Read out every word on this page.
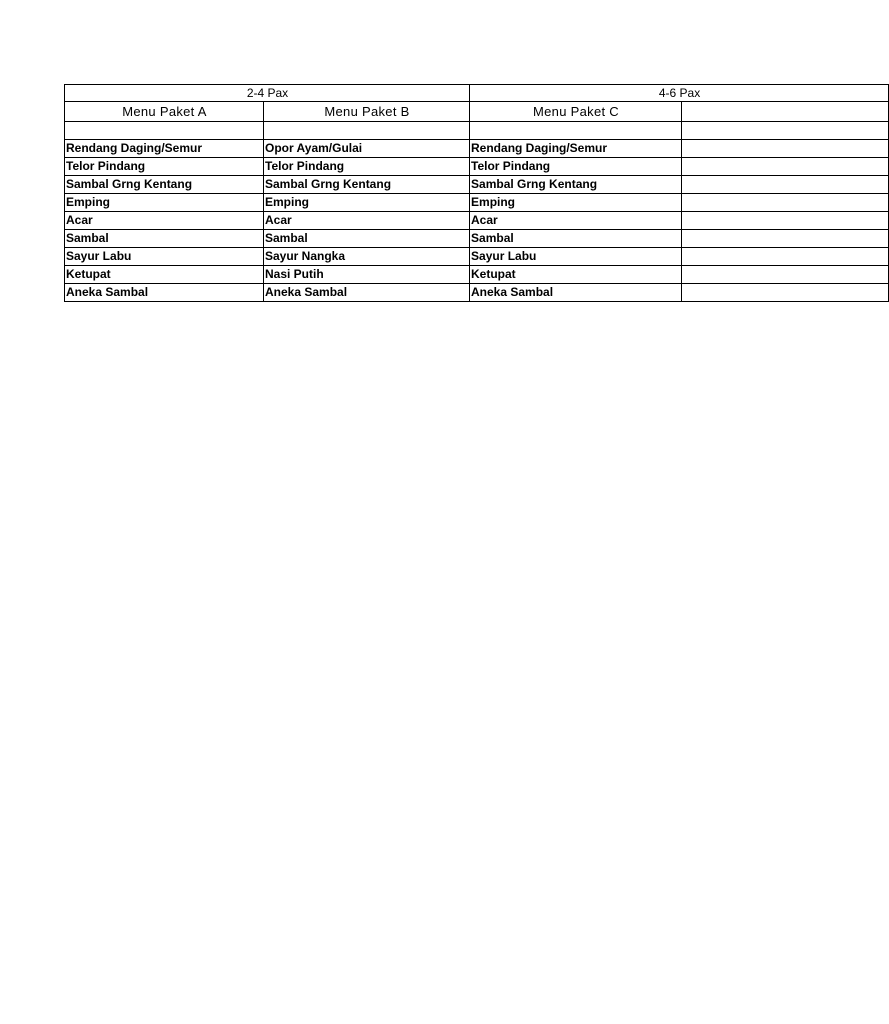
2-4 Pax		4-6 Pax	
Menu Paket A	Menu Paket B	Menu Paket C	

Rendang Daging/Semur	Opor Ayam/Gulai	Rendang Daging/Semur	
Telor Pindang	Telor Pindang	Telor Pindang	
Sambal Grng Kentang	Sambal Grng Kentang	Sambal Grng Kentang	
Emping	Emping	Emping	
Acar	Acar	Acar	
Sambal	Sambal	Sambal	
Sayur Labu	Sayur Nangka	Sayur Labu	
Ketupat	Nasi Putih	Ketupat	
Aneka Sambal	Aneka Sambal	Aneka Sambal	
